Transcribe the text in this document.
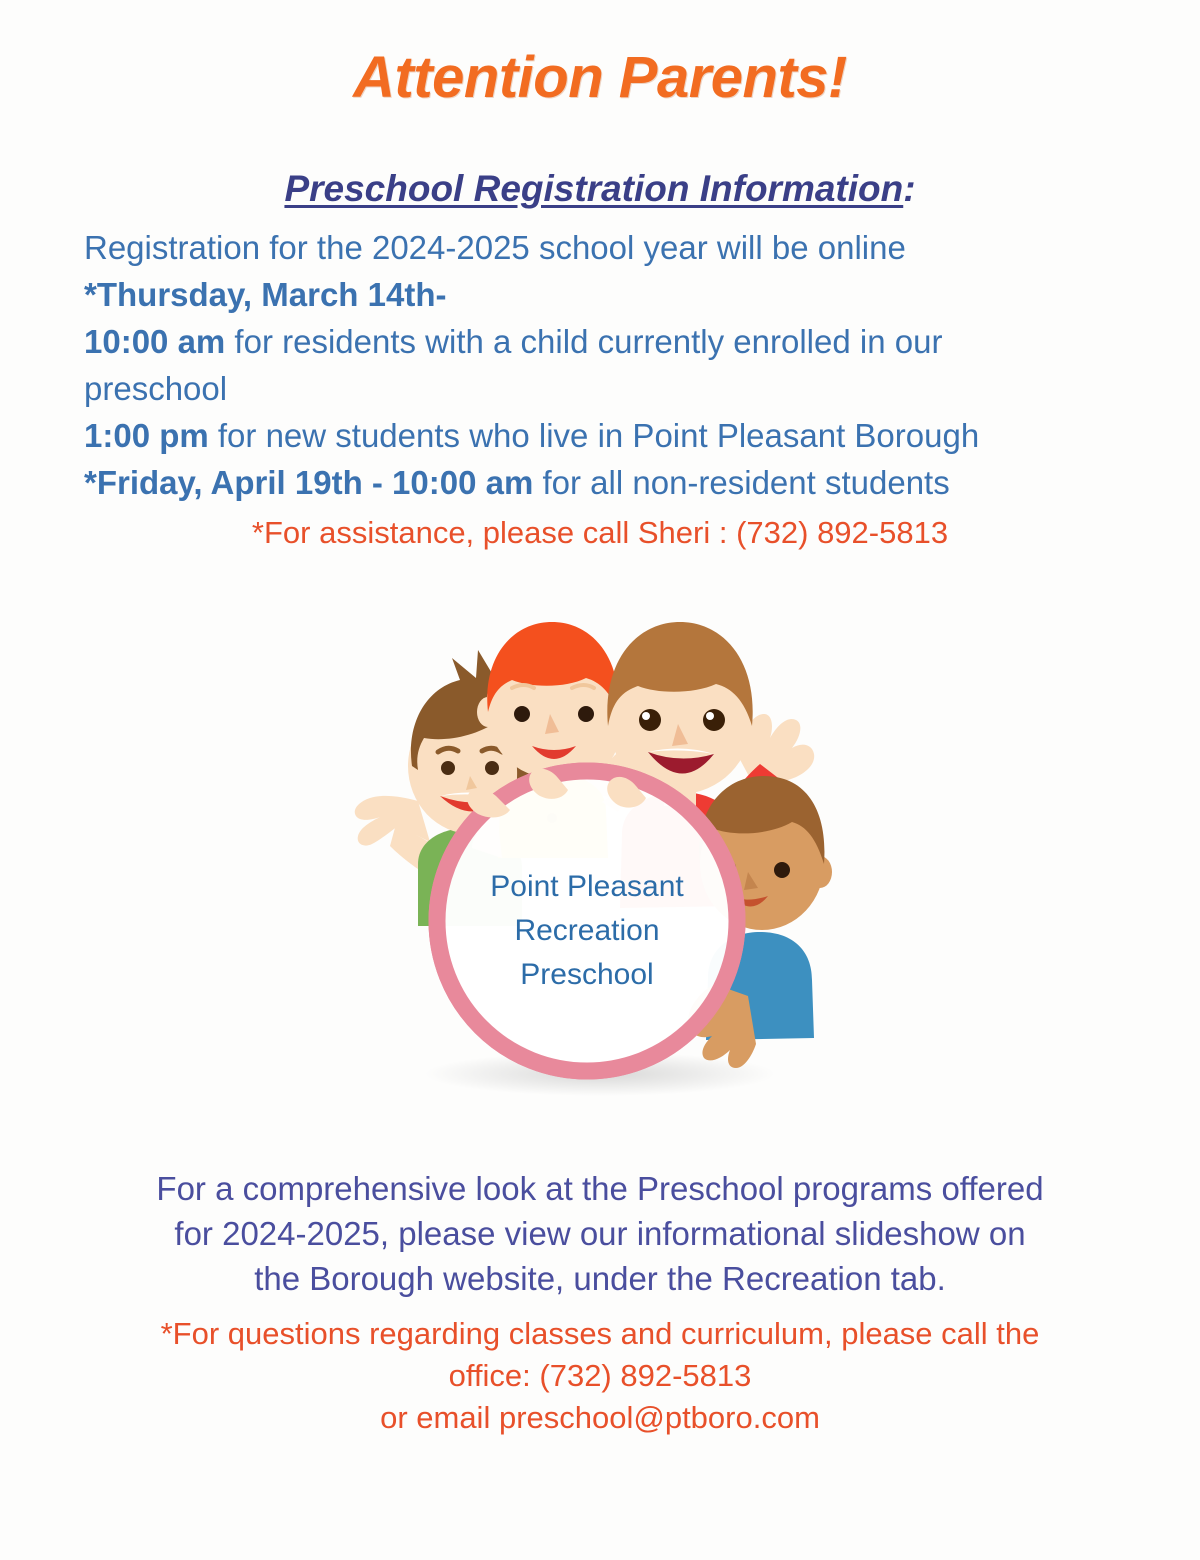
Attention Parents!
Preschool Registration Information:
Registration for the 2024-2025 school year will be online
*Thursday, March 14th-
10:00 am for residents with a child currently enrolled in our
preschool
1:00 pm for new students who live in Point Pleasant Borough
*Friday, April 19th - 10:00 am for all non-resident students
*For assistance, please call Sheri : (732) 892-5813
Point Pleasant
Recreation
Preschool
For a comprehensive look at the Preschool programs offered
for 2024-2025, please view our informational slideshow on
the Borough website, under the Recreation tab.
*For questions regarding classes and curriculum, please call the
office: (732) 892-5813
or email preschool@ptboro.com
